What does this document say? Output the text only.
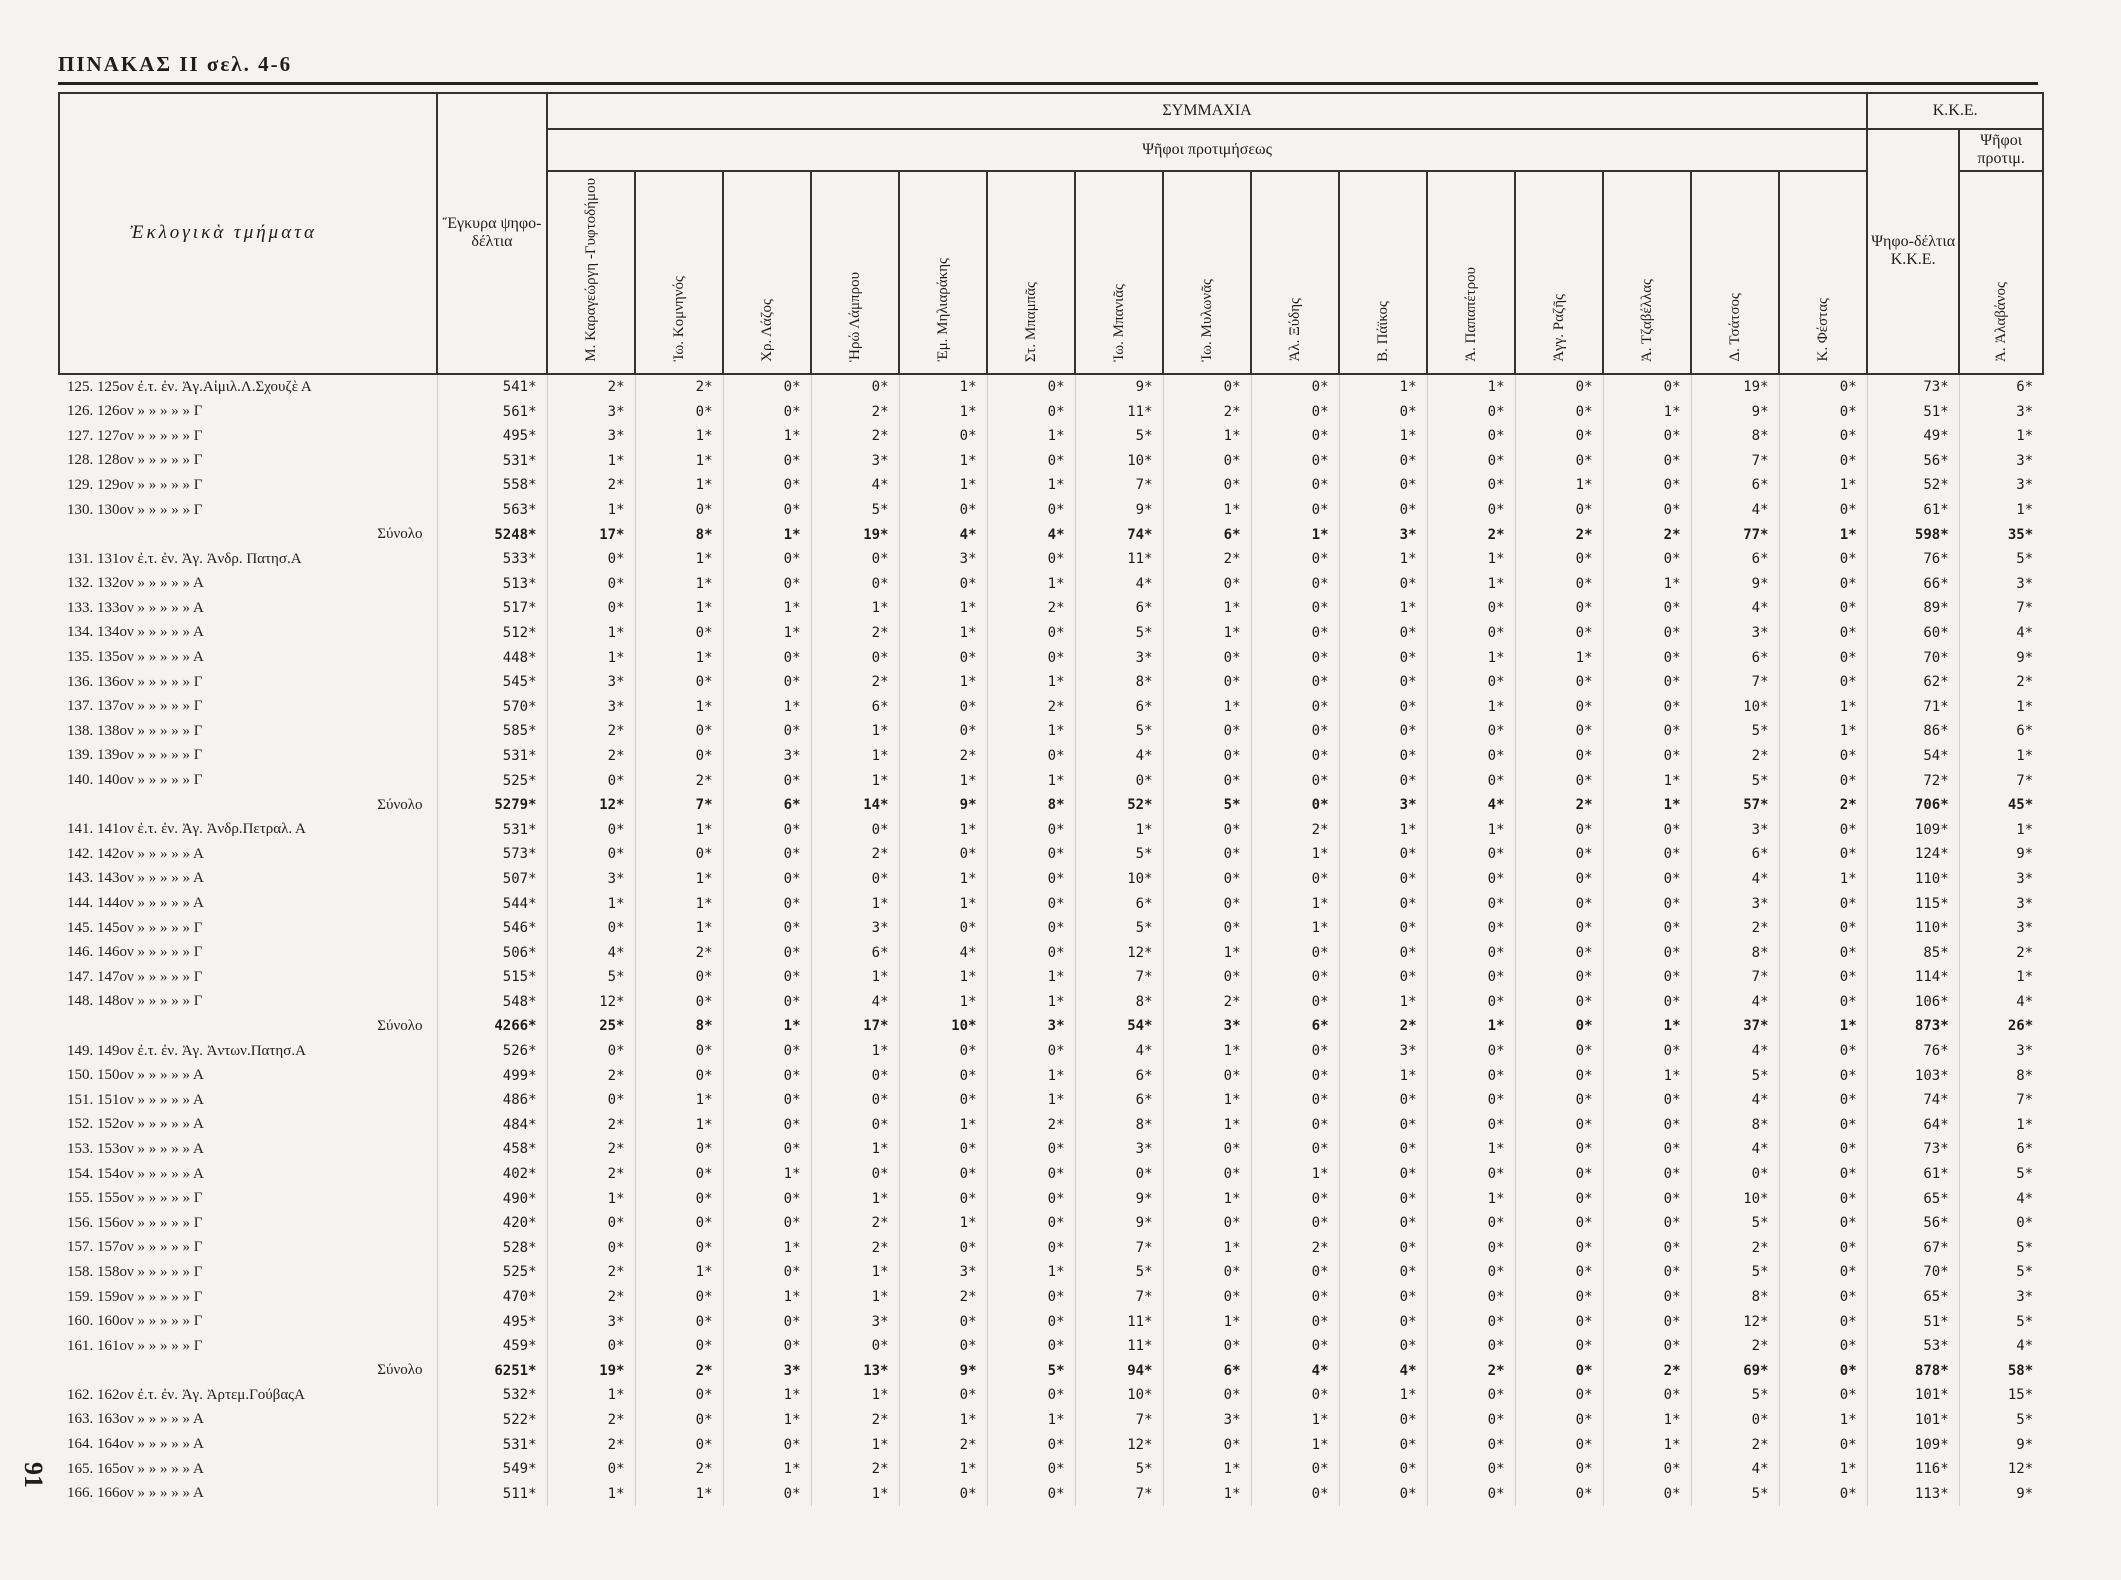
ΠΙΝΑΚΑΣ ΙΙ σελ. 4-6
91
Ἐκλογικὰ τμήματα	Ἔγκυρα ψηφο-δέλτια	ΣΥΜΜΑΧΙΑ															Κ.Κ.Ε.	
		Ψῆφοι προτιμήσεως															Ψηφο-δέλτια Κ.Κ.Ε.	Ψῆφοι προτιμ.
		Μ. Καραγεώργη -Γυφτοδήμου	Ἰω. Κομνηνός	Χρ. Λάζος	Ἡρώ Λάμπρου	Ἐμ. Μηλιαράκης	Στ. Μπαμπᾶς	Ἰω. Μπανιᾶς	Ἰω. Μυλωνᾶς	Ἀλ. Ξύδης	Β. Πάϊκος	Ἀ. Παπαπέτρου	Ἀγγ. Ραζῆς	Ἀ. Τζαβέλλας	Δ. Τσάτσος	Κ. Φέστας		Ἀ. Ἀλαβάνος
125. 125ον ἐ.τ. ἐν. Ἀγ.Αἰμιλ.Λ.Σχουζὲ Α	541*	2*	2*	0*	0*	1*	0*	9*	0*	0*	1*	1*	0*	0*	19*	0*	73*	6*
126. 126ον » » » » » Γ	561*	3*	0*	0*	2*	1*	0*	11*	2*	0*	0*	0*	0*	1*	9*	0*	51*	3*
127. 127ον » » » » » Γ	495*	3*	1*	1*	2*	0*	1*	5*	1*	0*	1*	0*	0*	0*	8*	0*	49*	1*
128. 128ον » » » » » Γ	531*	1*	1*	0*	3*	1*	0*	10*	0*	0*	0*	0*	0*	0*	7*	0*	56*	3*
129. 129ον » » » » » Γ	558*	2*	1*	0*	4*	1*	1*	7*	0*	0*	0*	0*	1*	0*	6*	1*	52*	3*
130. 130ον » » » » » Γ	563*	1*	0*	0*	5*	0*	0*	9*	1*	0*	0*	0*	0*	0*	4*	0*	61*	1*
Σύνολο	5248*	17*	8*	1*	19*	4*	4*	74*	6*	1*	3*	2*	2*	2*	77*	1*	598*	35*
131. 131ον ἐ.τ. ἐν. Ἀγ. Ἀνδρ. Πατησ.Α	533*	0*	1*	0*	0*	3*	0*	11*	2*	0*	1*	1*	0*	0*	6*	0*	76*	5*
132. 132ον » » » » » Α	513*	0*	1*	0*	0*	0*	1*	4*	0*	0*	0*	1*	0*	1*	9*	0*	66*	3*
133. 133ον » » » » » Α	517*	0*	1*	1*	1*	1*	2*	6*	1*	0*	1*	0*	0*	0*	4*	0*	89*	7*
134. 134ον » » » » » Α	512*	1*	0*	1*	2*	1*	0*	5*	1*	0*	0*	0*	0*	0*	3*	0*	60*	4*
135. 135ον » » » » » Α	448*	1*	1*	0*	0*	0*	0*	3*	0*	0*	0*	1*	1*	0*	6*	0*	70*	9*
136. 136ον » » » » » Γ	545*	3*	0*	0*	2*	1*	1*	8*	0*	0*	0*	0*	0*	0*	7*	0*	62*	2*
137. 137ον » » » » » Γ	570*	3*	1*	1*	6*	0*	2*	6*	1*	0*	0*	1*	0*	0*	10*	1*	71*	1*
138. 138ον » » » » » Γ	585*	2*	0*	0*	1*	0*	1*	5*	0*	0*	0*	0*	0*	0*	5*	1*	86*	6*
139. 139ον » » » » » Γ	531*	2*	0*	3*	1*	2*	0*	4*	0*	0*	0*	0*	0*	0*	2*	0*	54*	1*
140. 140ον » » » » » Γ	525*	0*	2*	0*	1*	1*	1*	0*	0*	0*	0*	0*	0*	1*	5*	0*	72*	7*
Σύνολο	5279*	12*	7*	6*	14*	9*	8*	52*	5*	0*	3*	4*	2*	1*	57*	2*	706*	45*
141. 141ον ἐ.τ. ἐν. Ἀγ. Ἀνδρ.Πετραλ. Α	531*	0*	1*	0*	0*	1*	0*	1*	0*	2*	1*	1*	0*	0*	3*	0*	109*	1*
142. 142ον » » » » » Α	573*	0*	0*	0*	2*	0*	0*	5*	0*	1*	0*	0*	0*	0*	6*	0*	124*	9*
143. 143ον » » » » » Α	507*	3*	1*	0*	0*	1*	0*	10*	0*	0*	0*	0*	0*	0*	4*	1*	110*	3*
144. 144ον » » » » » Α	544*	1*	1*	0*	1*	1*	0*	6*	0*	1*	0*	0*	0*	0*	3*	0*	115*	3*
145. 145ον » » » » » Γ	546*	0*	1*	0*	3*	0*	0*	5*	0*	1*	0*	0*	0*	0*	2*	0*	110*	3*
146. 146ον » » » » » Γ	506*	4*	2*	0*	6*	4*	0*	12*	1*	0*	0*	0*	0*	0*	8*	0*	85*	2*
147. 147ον » » » » » Γ	515*	5*	0*	0*	1*	1*	1*	7*	0*	0*	0*	0*	0*	0*	7*	0*	114*	1*
148. 148ον » » » » » Γ	548*	12*	0*	0*	4*	1*	1*	8*	2*	0*	1*	0*	0*	0*	4*	0*	106*	4*
Σύνολο	4266*	25*	8*	1*	17*	10*	3*	54*	3*	6*	2*	1*	0*	1*	37*	1*	873*	26*
149. 149ον ἐ.τ. ἐν. Ἀγ. Ἀντων.Πατησ.Α	526*	0*	0*	0*	1*	0*	0*	4*	1*	0*	3*	0*	0*	0*	4*	0*	76*	3*
150. 150ον » » » » » Α	499*	2*	0*	0*	0*	0*	1*	6*	0*	0*	1*	0*	0*	1*	5*	0*	103*	8*
151. 151ον » » » » » Α	486*	0*	1*	0*	0*	0*	1*	6*	1*	0*	0*	0*	0*	0*	4*	0*	74*	7*
152. 152ον » » » » » Α	484*	2*	1*	0*	0*	1*	2*	8*	1*	0*	0*	0*	0*	0*	8*	0*	64*	1*
153. 153ον » » » » » Α	458*	2*	0*	0*	1*	0*	0*	3*	0*	0*	0*	1*	0*	0*	4*	0*	73*	6*
154. 154ον » » » » » Α	402*	2*	0*	1*	0*	0*	0*	0*	0*	1*	0*	0*	0*	0*	0*	0*	61*	5*
155. 155ον » » » » » Γ	490*	1*	0*	0*	1*	0*	0*	9*	1*	0*	0*	1*	0*	0*	10*	0*	65*	4*
156. 156ον » » » » » Γ	420*	0*	0*	0*	2*	1*	0*	9*	0*	0*	0*	0*	0*	0*	5*	0*	56*	0*
157. 157ον » » » » » Γ	528*	0*	0*	1*	2*	0*	0*	7*	1*	2*	0*	0*	0*	0*	2*	0*	67*	5*
158. 158ον » » » » » Γ	525*	2*	1*	0*	1*	3*	1*	5*	0*	0*	0*	0*	0*	0*	5*	0*	70*	5*
159. 159ον » » » » » Γ	470*	2*	0*	1*	1*	2*	0*	7*	0*	0*	0*	0*	0*	0*	8*	0*	65*	3*
160. 160ον » » » » » Γ	495*	3*	0*	0*	3*	0*	0*	11*	1*	0*	0*	0*	0*	0*	12*	0*	51*	5*
161. 161ον » » » » » Γ	459*	0*	0*	0*	0*	0*	0*	11*	0*	0*	0*	0*	0*	0*	2*	0*	53*	4*
Σύνολο	6251*	19*	2*	3*	13*	9*	5*	94*	6*	4*	4*	2*	0*	2*	69*	0*	878*	58*
162. 162ον ἐ.τ. ἐν. Ἀγ. Ἀρτεμ.ΓούβαςΑ	532*	1*	0*	1*	1*	0*	0*	10*	0*	0*	1*	0*	0*	0*	5*	0*	101*	15*
163. 163ον » » » » » Α	522*	2*	0*	1*	2*	1*	1*	7*	3*	1*	0*	0*	0*	1*	0*	1*	101*	5*
164. 164ον » » » » » Α	531*	2*	0*	0*	1*	2*	0*	12*	0*	1*	0*	0*	0*	1*	2*	0*	109*	9*
165. 165ον » » » » » Α	549*	0*	2*	1*	2*	1*	0*	5*	1*	0*	0*	0*	0*	0*	4*	1*	116*	12*
166. 166ον » » » » » Α	511*	1*	1*	0*	1*	0*	0*	7*	1*	0*	0*	0*	0*	0*	5*	0*	113*	9*
